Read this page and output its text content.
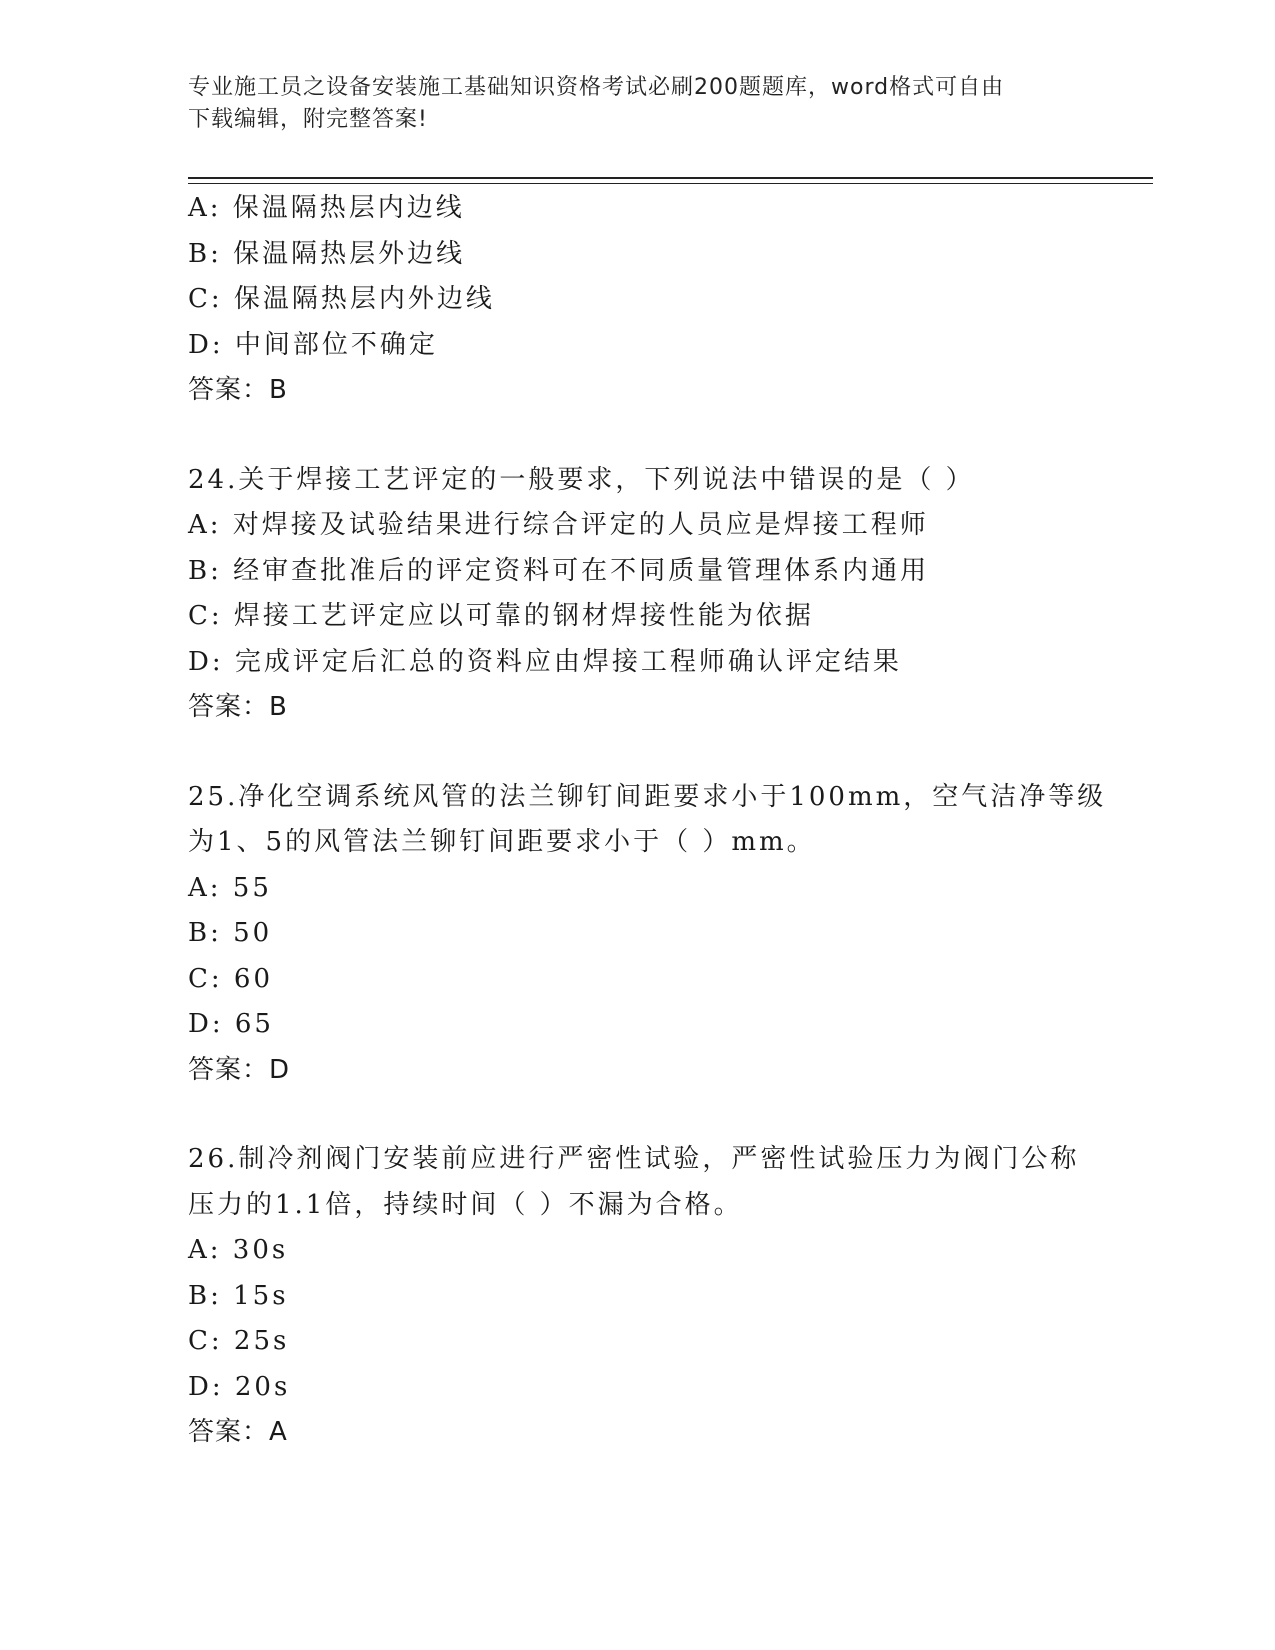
专业施工员之设备安装施工基础知识资格考试必刷200题题库，word格式可自由
下载编辑，附完整答案!
A: 保温隔热层内边线
B: 保温隔热层外边线
C: 保温隔热层内外边线
D: 中间部位不确定
答案：B
24.关于焊接工艺评定的一般要求，下列说法中错误的是（ ）
A: 对焊接及试验结果进行综合评定的人员应是焊接工程师
B: 经审查批准后的评定资料可在不同质量管理体系内通用
C: 焊接工艺评定应以可靠的钢材焊接性能为依据
D: 完成评定后汇总的资料应由焊接工程师确认评定结果
答案：B
25.净化空调系统风管的法兰铆钉间距要求小于100mm，空气洁净等级
为1、5的风管法兰铆钉间距要求小于（ ）mm。
A: 55
B: 50
C: 60
D: 65
答案：D
26.制冷剂阀门安装前应进行严密性试验，严密性试验压力为阀门公称
压力的1.1倍，持续时间（ ）不漏为合格。
A: 30s
B: 15s
C: 25s
D: 20s
答案：A
